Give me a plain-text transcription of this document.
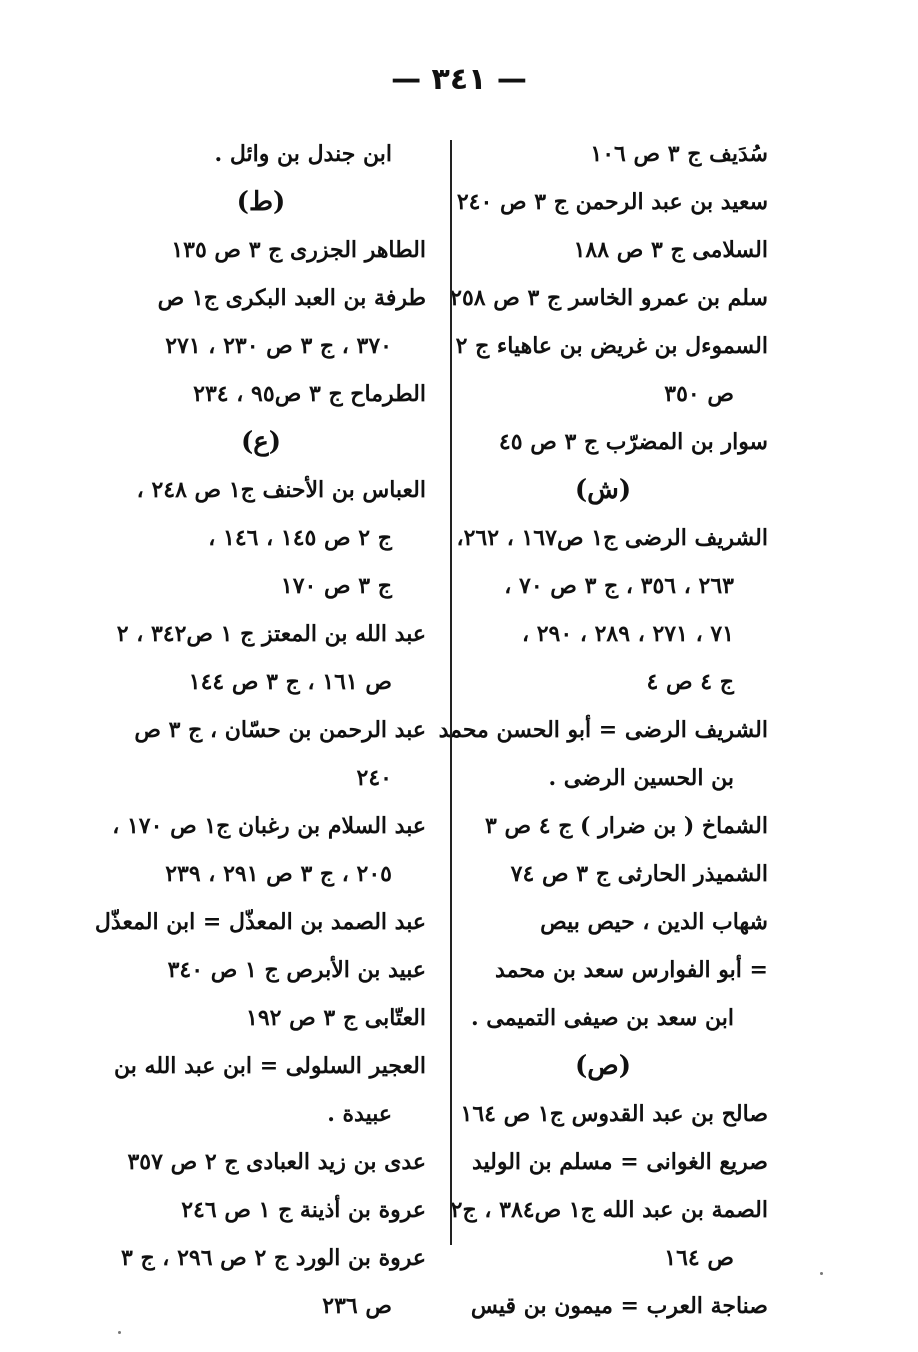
— ٣٤١ —
سُدَيف ج ٣ ص ١٠٦
سعيد بن عبد الرحمن ج ٣ ص ٢٤٠
السلامى ج ٣ ص ١٨٨
سلم بن عمرو الخاسر ج ٣ ص ٢٥٨
السموءل بن غريض بن عاهياء ج ٢
ص ٣٥٠
سوار بن المضرّب ج ٣ ص ٤٥
(ش)
الشريف الرضى ج١ ص١٦٧ ، ٢٦٢،
٢٦٣ ، ٣٥٦ ، ج ٣ ص ٧٠ ،
٧١ ، ٢٧١ ، ٢٨٩ ، ٢٩٠ ،
ج ٤ ص ٤
الشريف الرضى = أبو الحسن محمد
بن الحسين الرضى .
الشماخ ( بن ضرار ) ج ٤ ص ٣
الشميذر الحارثى ج ٣ ص ٧٤
شهاب الدين ، حيص بيص
= أبو الفوارس سعد بن محمد
ابن سعد بن صيفى التميمى .
(ص)
صالح بن عبد القدوس ج١ ص ١٦٤
صريع الغوانى = مسلم بن الوليد
الصمة بن عبد الله ج١ ص٣٨٤ ، ج٢
ص ١٦٤
صناجة العرب = ميمون بن قيس
ابن جندل بن وائل .
(ط)
الطاهر الجزرى ج ٣ ص ١٣٥
طرفة بن العبد البكرى ج١ ص
٣٧٠ ، ج ٣ ص ٢٣٠ ، ٢٧١
الطرماح ج ٣ ص٩٥ ، ٢٣٤
(ع)
العباس بن الأحنف ج١ ص ٢٤٨ ،
ج ٢ ص ١٤٥ ، ١٤٦ ،
ج ٣ ص ١٧٠
عبد الله بن المعتز ج ١ ص٣٤٢ ، ٢
ص ١٦١ ، ج ٣ ص ١٤٤
عبد الرحمن بن حسّان ، ج ٣ ص
٢٤٠
عبد السلام بن رغبان ج١ ص ١٧٠ ،
٢٠٥ ، ج ٣ ص ٢٩١ ، ٢٣٩
عبد الصمد بن المعذّل = ابن المعذّل
عبيد بن الأبرص ج ١ ص ٣٤٠
العتّابى ج ٣ ص ١٩٢
العجير السلولى = ابن عبد الله بن
عبيدة .
عدى بن زيد العبادى ج ٢ ص ٣٥٧
عروة بن أذينة ج ١ ص ٢٤٦
عروة بن الورد ج ٢ ص ٢٩٦ ، ج ٣
ص ٢٣٦
